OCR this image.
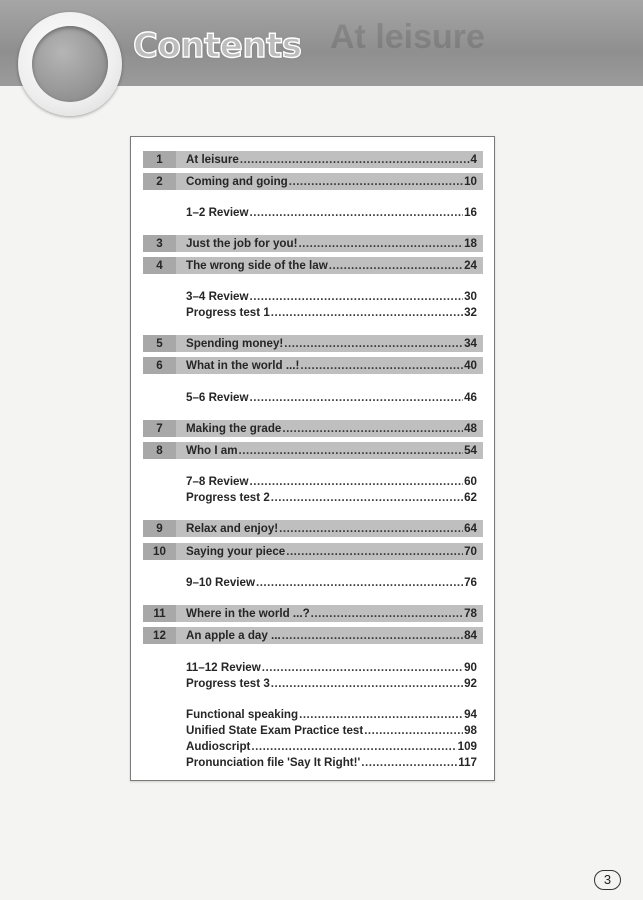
At leisure
Contents
1	At leisure .....	4
2	Coming and going .....	10
1–2 Review .....	16
3	Just the job for you! .....	18
4	The wrong side of the law .....	24
3–4 Review .....	30
Progress test 1 .....	32
5	Spending money! .....	34
6	What in the world ...! .....	40
5–6 Review .....	46
7	Making the grade .....	48
8	Who I am .....	54
7–8 Review .....	60
Progress test 2 .....	62
9	Relax and enjoy! .....	64
10	Saying your piece .....	70
9–10 Review .....	76
11	Where in the world ...? .....	78
12	An apple a day ... .....	84
11–12 Review .....	90
Progress test 3 .....	92
Functional speaking .....	94
Unified State Exam Practice test .....	98
Audioscript .....	109
Pronunciation file 'Say It Right!' .....	117
3
